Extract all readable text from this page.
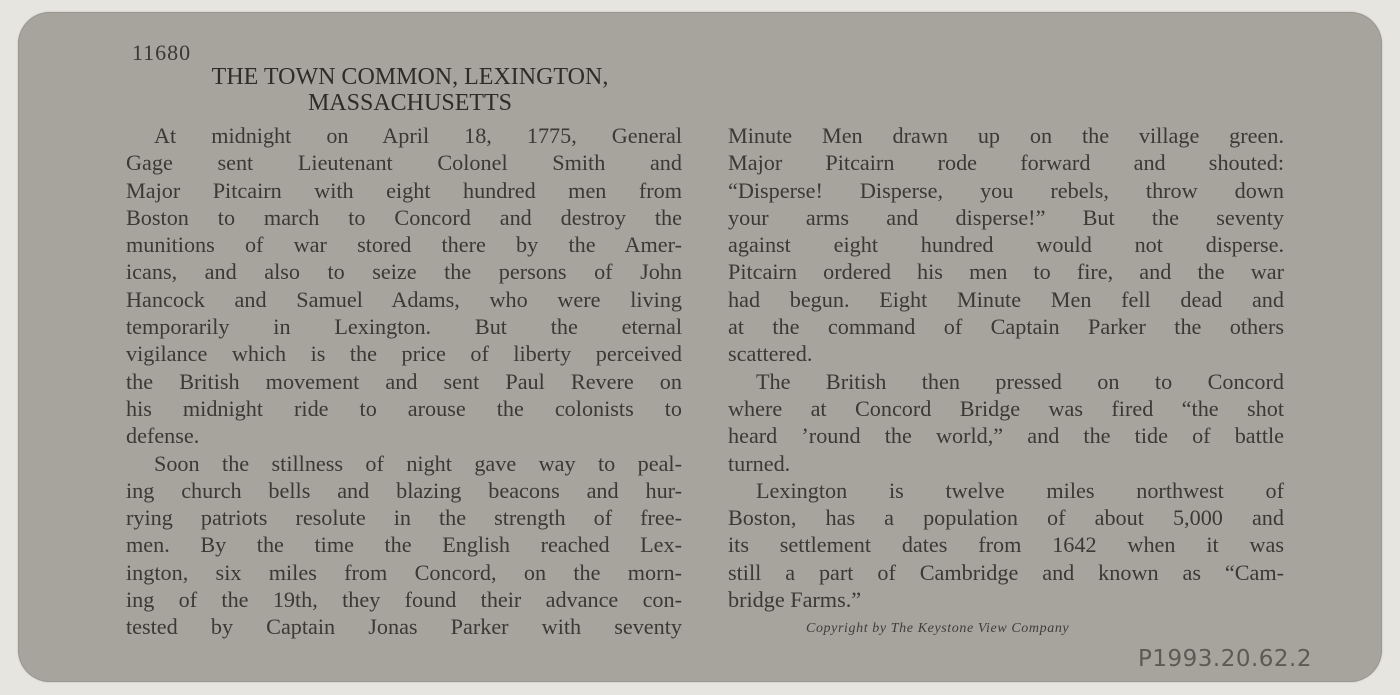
11680
THE TOWN COMMON, LEXINGTON,
MASSACHUSETTS

At midnight on April 18, 1775, General

Gage sent Lieutenant Colonel Smith and

Major Pitcairn with eight hundred men from

Boston to march to Concord and destroy the

munitions of war stored there by the Amer-

icans, and also to seize the persons of John

Hancock and Samuel Adams, who were living

temporarily in Lexington. But the eternal

vigilance which is the price of liberty perceived

the British movement and sent Paul Revere on

his midnight ride to arouse the colonists to

defense.

Soon the stillness of night gave way to peal-

ing church bells and blazing beacons and hur-

rying patriots resolute in the strength of free-

men. By the time the English reached Lex-

ington, six miles from Concord, on the morn-

ing of the 19th, they found their advance con-

tested by Captain Jonas Parker with seventy

Minute Men drawn up on the village green.

Major Pitcairn rode forward and shouted:

“Disperse! Disperse, you rebels, throw down

your arms and disperse!” But the seventy

against eight hundred would not disperse.

Pitcairn ordered his men to fire, and the war

had begun. Eight Minute Men fell dead and

at the command of Captain Parker the others

scattered.

The British then pressed on to Concord

where at Concord Bridge was fired “the shot

heard ’round the world,” and the tide of battle

turned.

Lexington is twelve miles northwest of

Boston, has a population of about 5,000 and

its settlement dates from 1642 when it was

still a part of Cambridge and known as “Cam-

bridge Farms.”

Copyright by The Keystone View Company
P1993.20.62.2
